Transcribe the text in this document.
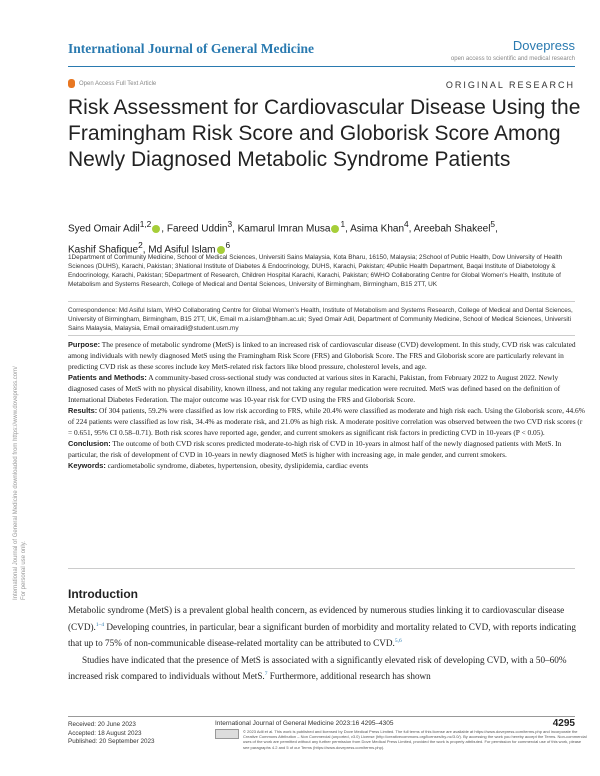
International Journal of General Medicine	Dovepress
open access to scientific and medical research
Open Access Full Text Article	ORIGINAL RESEARCH
Risk Assessment for Cardiovascular Disease Using the Framingham Risk Score and Globorisk Score Among Newly Diagnosed Metabolic Syndrome Patients
Syed Omair Adil$^{1,2}$ , Fareed Uddin$^3$, Kamarul Imran Musa $^1$, Asima Khan$^4$, Areebah Shakeel$^5$,
Kashif Shafique$^2$, Md Asiful Islam $^6$
1Department of Community Medicine, School of Medical Sciences, Universiti Sains Malaysia, Kota Bharu, 16150, Malaysia; 2School of Public Health, Dow University of Health Sciences (DUHS), Karachi, Pakistan; 3National Institute of Diabetes & Endocrinology, DUHS, Karachi, Pakistan; 4Public Health Department, Baqai Institute of Diabetology & Endocrinology, Karachi, Pakistan; 5Department of Research, Children Hospital Karachi, Karachi, Pakistan; 6WHO Collaborating Centre for Global Women's Health, Institute of Metabolism and Systems Research, College of Medical and Dental Sciences, University of Birmingham, Birmingham, B15 2TT, UK
Correspondence: Md Asiful Islam, WHO Collaborating Centre for Global Women's Health, Institute of Metabolism and Systems Research, College of Medical and Dental Sciences, University of Birmingham, Birmingham, B15 2TT, UK, Email m.a.islam@bham.ac.uk; Syed Omair Adil, Department of Community Medicine, School of Medical Sciences, Universiti Sains Malaysia, Malaysia, Email omairadil@student.usm.my

Purpose: The presence of metabolic syndrome (MetS) is linked to an increased risk of cardiovascular disease (CVD) development. In this study, CVD risk was calculated among individuals with newly diagnosed MetS using the Framingham Risk Score (FRS) and Globorisk Score. The FRS and Globorisk score are particularly relevant in predicting CVD risk as these scores include key MetS-related risk factors like blood pressure, cholesterol levels, and age.

Patients and Methods: A community-based cross-sectional study was conducted at various sites in Karachi, Pakistan, from February 2022 to August 2022. Newly diagnosed cases of MetS with no physical disability, known illness, and not taking any regular medication were recruited. MetS was defined based on the definition of International Diabetes Federation. The major outcome was 10-year risk for CVD using the FRS and Globorisk Score.

Results: Of 304 patients, 59.2% were classified as low risk according to FRS, while 20.4% were classified as moderate and high risk each. Using the Globorisk score, 44.6% of 224 patients were classified as low risk, 34.4% as moderate risk, and 21.0% as high risk. A moderate positive correlation was observed between the two CVD risk scores (r = 0.651, 95% CI 0.58–0.71). Both risk scores have reported age, gender, and current smokers as significant risk factors in predicting CVD in 10-years (P < 0.05).

Conclusion: The outcome of both CVD risk scores predicted moderate-to-high risk of CVD in 10-years in almost half of the newly diagnosed patients with MetS. In particular, the risk of development of CVD in 10-years in newly diagnosed MetS is higher with increasing age, in male gender, and current smokers.

Keywords: cardiometabolic syndrome, diabetes, hypertension, obesity, dyslipidemia, cardiac events

Introduction

Metabolic syndrome (MetS) is a prevalent global health concern, as evidenced by numerous studies linking it to cardiovascular disease (CVD).$^{1-4}$ Developing countries, in particular, bear a significant burden of morbidity and mortality related to CVD, with reports indicating that up to 75% of non-communicable disease-related mortality can be attributed to CVD.$^{5,6}$

Studies have indicated that the presence of MetS is associated with a significantly elevated risk of developing CVD, with a 50–60% increased risk compared to individuals without MetS.$^7$ Furthermore, additional research has shown

Received: 20 June 2023
Accepted: 18 August 2023
Published: 20 September 2023
International Journal of General Medicine 2023:16 4295–4305	4295
© 2023 Adil et al. This work is published and licensed by Dove Medical Press Limited. The full terms of this license are available at https://www.dovepress.com/terms.php and incorporate the Creative Commons Attribution – Non Commercial (unported, v3.0) License (http://creativecommons.org/licenses/by-nc/3.0/). By accessing the work you hereby accept the Terms. Non-commercial uses of the work are permitted without any further permission from Dove Medical Press Limited, provided the work is properly attributed. For permission for commercial use of this work, please see paragraphs 4.2 and 5 of our Terms (https://www.dovepress.com/terms.php).
International Journal of General Medicine downloaded from https://www.dovepress.com/ For personal use only.
